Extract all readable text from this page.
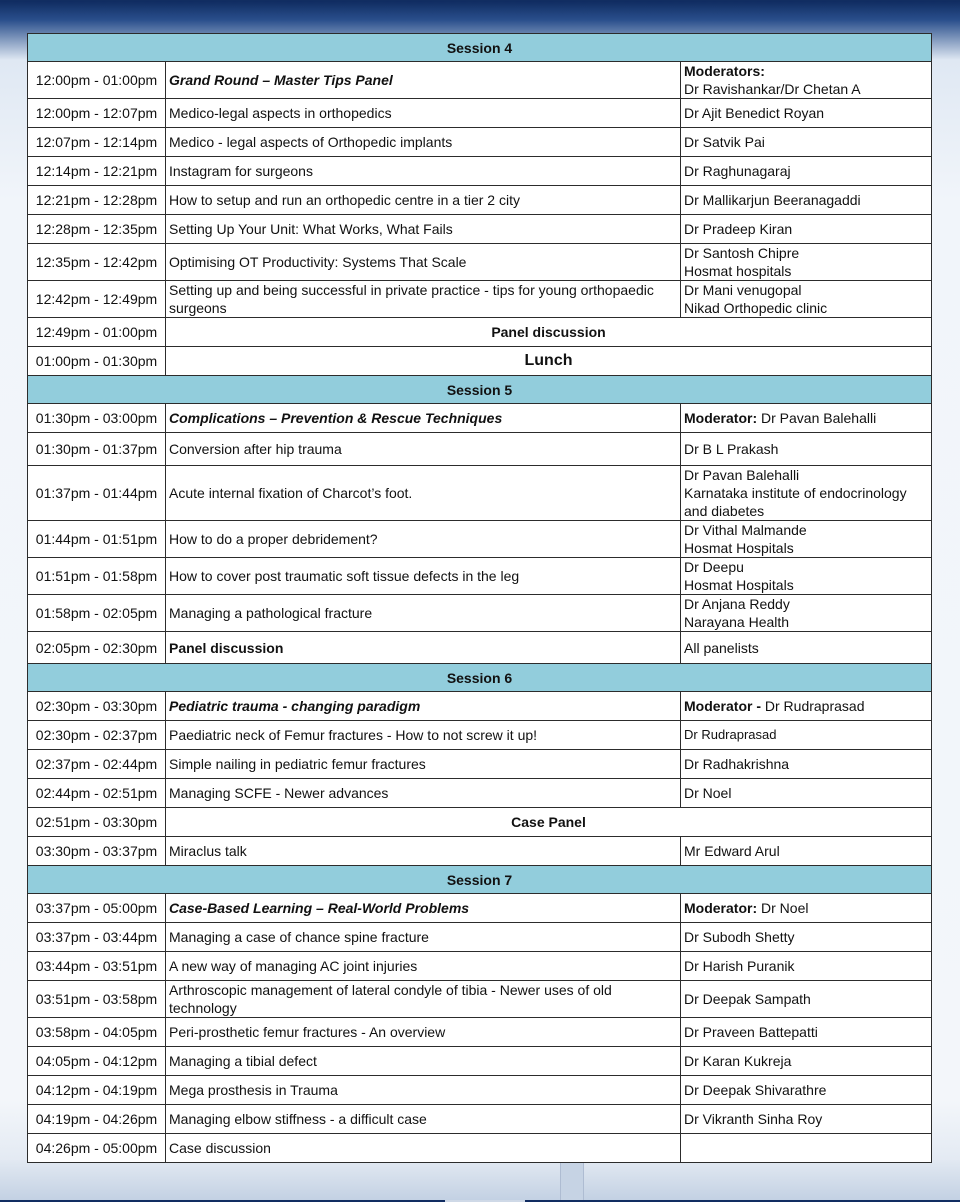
Session 4		
12:00pm - 01:00pm	Grand Round – Master Tips Panel	Moderators:
Dr Ravishankar/Dr Chetan A
12:00pm - 12:07pm	Medico-legal aspects in orthopedics	Dr Ajit Benedict Royan
12:07pm - 12:14pm	Medico - legal aspects of Orthopedic implants	Dr Satvik Pai
12:14pm - 12:21pm	Instagram for surgeons	Dr Raghunagaraj
12:21pm - 12:28pm	How to setup and run an orthopedic centre in a tier 2 city	Dr Mallikarjun Beeranagaddi
12:28pm - 12:35pm	Setting Up Your Unit: What Works, What Fails	Dr Pradeep Kiran
12:35pm - 12:42pm	Optimising OT Productivity: Systems That Scale	Dr Santosh Chipre
Hosmat hospitals
12:42pm - 12:49pm	Setting up and being successful in private practice - tips for young orthopaedic surgeons	Dr Mani venugopal
Nikad Orthopedic clinic
12:49pm - 01:00pm	Panel discussion	
01:00pm - 01:30pm	Lunch	
Session 5		
01:30pm - 03:00pm	Complications – Prevention & Rescue Techniques	Moderator: Dr Pavan Balehalli
01:30pm - 01:37pm	Conversion after hip trauma	Dr B L Prakash
01:37pm - 01:44pm	Acute internal fixation of Charcot’s foot.	Dr Pavan Balehalli
Karnataka institute of endocrinology and diabetes
01:44pm - 01:51pm	How to do a proper debridement?	Dr Vithal Malmande
Hosmat Hospitals
01:51pm - 01:58pm	How to cover post traumatic soft tissue defects in the leg	Dr Deepu
Hosmat Hospitals
01:58pm - 02:05pm	Managing a pathological fracture	Dr Anjana Reddy
Narayana Health
02:05pm - 02:30pm	Panel discussion	All panelists
Session 6		
02:30pm - 03:30pm	Pediatric trauma - changing paradigm	Moderator - Dr Rudraprasad
02:30pm - 02:37pm	Paediatric neck of Femur fractures - How to not screw it up!	Dr Rudraprasad
02:37pm - 02:44pm	Simple nailing in pediatric femur fractures	Dr Radhakrishna
02:44pm - 02:51pm	Managing SCFE - Newer advances	Dr Noel
02:51pm - 03:30pm	Case Panel	
03:30pm - 03:37pm	Miraclus talk	Mr Edward Arul
Session 7		
03:37pm - 05:00pm	Case-Based Learning – Real-World Problems	Moderator: Dr Noel
03:37pm - 03:44pm	Managing a case of chance spine fracture	Dr Subodh Shetty
03:44pm - 03:51pm	A new way of managing AC joint injuries	Dr Harish Puranik
03:51pm - 03:58pm	Arthroscopic management of lateral condyle of tibia - Newer uses of old technology	Dr Deepak Sampath
03:58pm - 04:05pm	Peri-prosthetic femur fractures - An overview	Dr Praveen Battepatti
04:05pm - 04:12pm	Managing a tibial defect	Dr Karan Kukreja
04:12pm - 04:19pm	Mega prosthesis in Trauma	Dr Deepak Shivarathre
04:19pm - 04:26pm	Managing elbow stiffness - a difficult case	Dr Vikranth Sinha Roy
04:26pm - 05:00pm	Case discussion	
